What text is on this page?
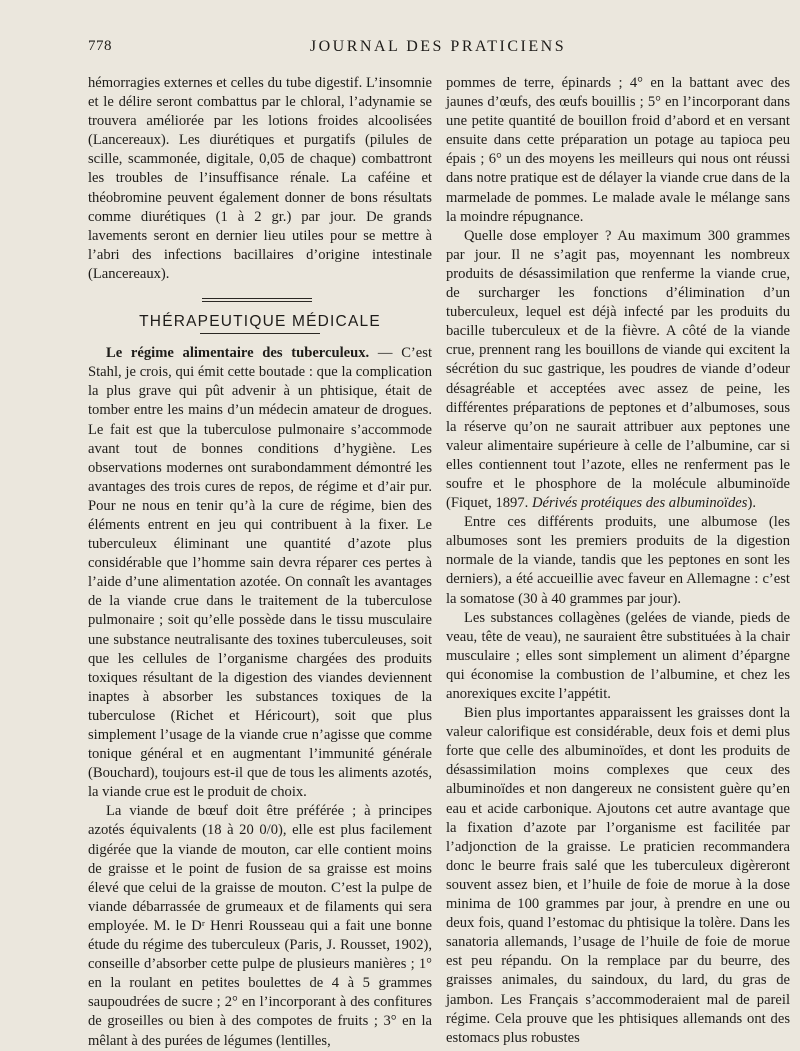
778	JOURNAL DES PRATICIENS

hémorragies externes et celles du tube digestif. L’insomnie et le délire seront combattus par le chloral, l’adynamie se trouvera améliorée par les lotions froides alcoolisées (Lancereaux). Les diurétiques et purgatifs (pilules de scille, scammonée, digitale, 0,05 de chaque) combattront les troubles de l’insuffisance rénale. La caféine et théobromine peuvent également donner de bons résultats comme diurétiques (1 à 2 gr.) par jour. De grands lavements seront en dernier lieu utiles pour se mettre à l’abri des infections bacillaires d’origine intestinale (Lancereaux).

THÉRAPEUTIQUE MÉDICALE

Le régime alimentaire des tuberculeux. — C’est Stahl, je crois, qui émit cette boutade : que la complication la plus grave qui pût advenir à un phtisique, était de tomber entre les mains d’un médecin amateur de drogues. Le fait est que la tuberculose pulmonaire s’accommode avant tout de bonnes conditions d’hygiène. Les observations modernes ont surabondamment démontré les avantages des trois cures de repos, de régime et d’air pur. Pour ne nous en tenir qu’à la cure de régime, bien des éléments entrent en jeu qui contribuent à la fixer. Le tuberculeux éliminant une quantité d’azote plus considérable que l’homme sain devra réparer ces pertes à l’aide d’une alimentation azotée. On connaît les avantages de la viande crue dans le traitement de la tuberculose pulmonaire ; soit qu’elle possède dans le tissu musculaire une substance neutralisante des toxines tuberculeuses, soit que les cellules de l’organisme chargées des produits toxiques résultant de la digestion des viandes deviennent inaptes à absorber les substances toxiques de la tuberculose (Richet et Héricourt), soit que plus simplement l’usage de la viande crue n’agisse que comme tonique général et en augmentant l’immunité générale (Bouchard), toujours est-il que de tous les aliments azotés, la viande crue est le produit de choix.

La viande de bœuf doit être préférée ; à principes azotés équivalents (18 à 20 0/0), elle est plus facilement digérée que la viande de mouton, car elle contient moins de graisse et le point de fusion de sa graisse est moins élevé que celui de la graisse de mouton. C’est la pulpe de viande débarrassée de grumeaux et de filaments qui sera employée. M. le Dʳ Henri Rousseau qui a fait une bonne étude du régime des tuberculeux (Paris, J. Rousset, 1902), conseille d’absorber cette pulpe de plusieurs manières ; 1° en la roulant en petites boulettes de 4 à 5 grammes saupoudrées de sucre ; 2° en l’incorporant à des confitures de groseilles ou bien à des compotes de fruits ; 3° en la mêlant à des purées de légumes (lentilles,

pommes de terre, épinards ; 4° en la battant avec des jaunes d’œufs, des œufs bouillis ; 5° en l’incorporant dans une petite quantité de bouillon froid d’abord et en versant ensuite dans cette préparation un potage au tapioca peu épais ; 6° un des moyens les meilleurs qui nous ont réussi dans notre pratique est de délayer la viande crue dans de la marmelade de pommes. Le malade avale le mélange sans la moindre répugnance.

Quelle dose employer ? Au maximum 300 grammes par jour. Il ne s’agit pas, moyennant les nombreux produits de désassimilation que renferme la viande crue, de surcharger les fonctions d’élimination d’un tuberculeux, lequel est déjà infecté par les produits du bacille tuberculeux et de la fièvre. A côté de la viande crue, prennent rang les bouillons de viande qui excitent la sécrétion du suc gastrique, les poudres de viande d’odeur désagréable et acceptées avec assez de peine, les différentes préparations de peptones et d’albumoses, sous la réserve qu’on ne saurait attribuer aux peptones une valeur alimentaire supérieure à celle de l’albumine, car si elles contiennent tout l’azote, elles ne renferment pas le soufre et le phosphore de la molécule albuminoïde (Fiquet, 1897. Dérivés protéiques des albuminoïdes).

Entre ces différents produits, une albumose (les albumoses sont les premiers produits de la digestion normale de la viande, tandis que les peptones en sont les derniers), a été accueillie avec faveur en Allemagne : c’est la somatose (30 à 40 grammes par jour).

Les substances collagènes (gelées de viande, pieds de veau, tête de veau), ne sauraient être substituées à la chair musculaire ; elles sont simplement un aliment d’épargne qui économise la combustion de l’albumine, et chez les anorexiques excite l’appétit.

Bien plus importantes apparaissent les graisses dont la valeur calorifique est considérable, deux fois et demi plus forte que celle des albuminoïdes, et dont les produits de désassimilation moins complexes que ceux des albuminoïdes et non dangereux ne consistent guère qu’en eau et acide carbonique. Ajoutons cet autre avantage que la fixation d’azote par l’organisme est facilitée par l’adjonction de la graisse. Le praticien recommandera donc le beurre frais salé que les tuberculeux digèreront souvent assez bien, et l’huile de foie de morue à la dose minima de 100 grammes par jour, à prendre en une ou deux fois, quand l’estomac du phtisique la tolère. Dans les sanatoria allemands, l’usage de l’huile de foie de morue est peu répandu. On la remplace par du beurre, des graisses animales, du saindoux, du lard, du gras de jambon. Les Français s’accommoderaient mal de pareil régime. Cela prouve que les phtisiques allemands ont des estomacs plus robustes
